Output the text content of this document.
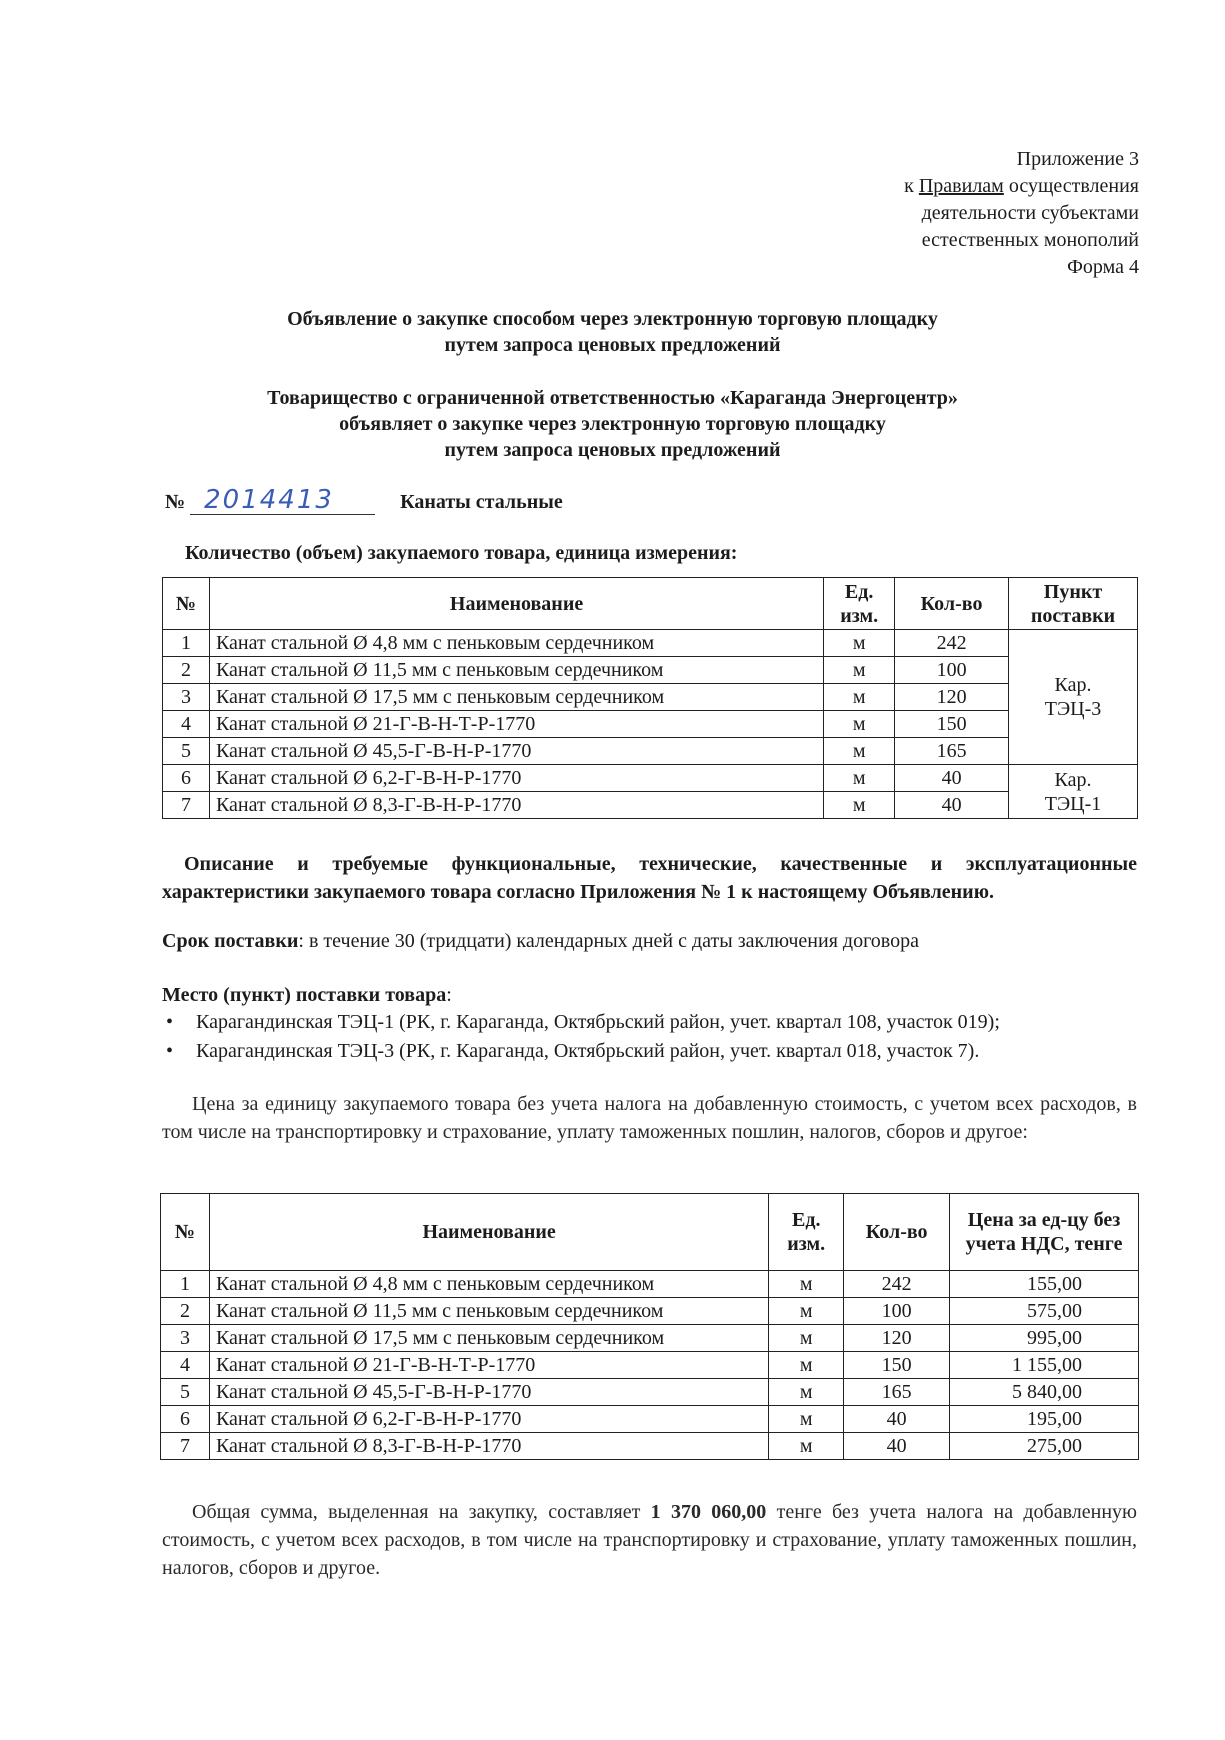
Приложение 3
к Правилам осуществления
деятельности субъектами
естественных монополий
Форма 4
Объявление о закупке способом через электронную торговую площадку
путем запроса ценовых предложений
Товарищество с ограниченной ответственностью «Караганда Энергоцентр»
объявляет о закупке через электронную торговую площадку
путем запроса ценовых предложений
№ 2014413	Канаты стальные
Количество (объем) закупаемого товара, единица измерения:
№	Наименование	Ед. изм.	Кол-во	Пункт поставки
1	Канат стальной Ø 4,8 мм с пеньковым сердечником	м	242	Кар. ТЭЦ-3
2	Канат стальной Ø 11,5 мм с пеньковым сердечником	м	100	
3	Канат стальной Ø 17,5 мм с пеньковым сердечником	м	120	
4	Канат стальной Ø 21-Г-В-Н-Т-Р-1770	м	150	
5	Канат стальной Ø 45,5-Г-В-Н-Р-1770	м	165	
6	Канат стальной Ø 6,2-Г-В-Н-Р-1770	м	40	Кар. ТЭЦ-1
7	Канат стальной Ø 8,3-Г-В-Н-Р-1770	м	40	
Описание и требуемые функциональные, технические, качественные и эксплуатационные характеристики закупаемого товара согласно Приложения № 1 к настоящему Объявлению.
Срок поставки: в течение 30 (тридцати) календарных дней с даты заключения договора
Место (пункт) поставки товара:
• Карагандинская ТЭЦ-1 (РК, г. Караганда, Октябрьский район, учет. квартал 108, участок 019);
• Карагандинская ТЭЦ-3 (РК, г. Караганда, Октябрьский район, учет. квартал 018, участок 7).
Цена за единицу закупаемого товара без учета налога на добавленную стоимость, с учетом всех расходов, в том числе на транспортировку и страхование, уплату таможенных пошлин, налогов, сборов и другое:
№	Наименование	Ед. изм.	Кол-во	Цена за ед-цу без учета НДС, тенге
1	Канат стальной Ø 4,8 мм с пеньковым сердечником	м	242	155,00
2	Канат стальной Ø 11,5 мм с пеньковым сердечником	м	100	575,00
3	Канат стальной Ø 17,5 мм с пеньковым сердечником	м	120	995,00
4	Канат стальной Ø 21-Г-В-Н-Т-Р-1770	м	150	1 155,00
5	Канат стальной Ø 45,5-Г-В-Н-Р-1770	м	165	5 840,00
6	Канат стальной Ø 6,2-Г-В-Н-Р-1770	м	40	195,00
7	Канат стальной Ø 8,3-Г-В-Н-Р-1770	м	40	275,00
Общая сумма, выделенная на закупку, составляет 1 370 060,00 тенге без учета налога на добавленную стоимость, с учетом всех расходов, в том числе на транспортировку и страхование, уплату таможенных пошлин, налогов, сборов и другое.
